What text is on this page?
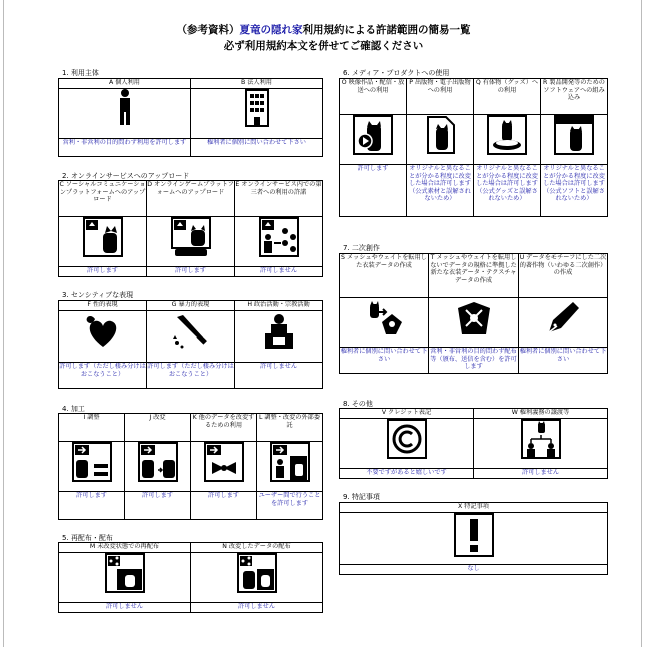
（参考資料）夏竜の隠れ家利用規約による許諾範囲の簡易一覧
必ず利用規約本文を併せてご確認ください
1. 利用主体
A 個人利用	B 法人利用

営利・非営利の目的問わず利用を許可します	権利者に個別に問い合わせて下さい
2. オンラインサービスへのアップロード
C ソーシャルコミュニケーションプラットフォームへのアップロード	D オンラインゲームプラットフォームへのアップロード	E オンラインサービス内での第三者への利用の許諾

許可します	許可します	許可しません
3. センシティブな表現
F 性的表現	G 暴力的表現	H 政治活動・宗教活動

許可します（ただし棲み分けはおこなうこと）	許可します（ただし棲み分けはおこなうこと）	許可しません
4. 加工
I 調整	J 改変	K 他のデータを改変するための利用	L 調整・改変の外部委託

許可します	許可します	許可します	ユーザー間で行うことを許可します
5. 再配布・配布
M 未改変状態での再配布	N 改変したデータの配布

許可しません	許可しません
6. メディア・プロダクトへの使用
O 映像作品・配信・放送への利用	P 出版物・電子出版物への利用	Q 有体物（グッズ）への利用	R 製品開発等のためのソフトウェアへの組み込み

許可します	オリジナルと異なることが分かる程度に改変した場合は許可します（公式素材と誤解されないため）	オリジナルと異なることが分かる程度に改変した場合は許可します（公式グッズと誤解されないため）	オリジナルと異なることが分かる程度に改変した場合は許可します（公式ソフトと誤解されないため）
7. 二次創作
S メッシュやウェイトを転用した衣装データの作成	T メッシュやウェイトを転用しないでデータの規格に準拠した新たな衣装データ・テクスチャデータの作成	U データをモチーフにした二次的著作物（いわゆる二次創作）の作成

権利者に個別に問い合わせて下さい	営利・非営利の目的問わず配布等（頒布、送信を含む）を許可します	権利者に個別に問い合わせて下さい
8. その他
V クレジット表記	W 権利義務の譲渡等

不要ですがあると嬉しいです	許可しません
9. 特記事項
X 特記事項

なし
